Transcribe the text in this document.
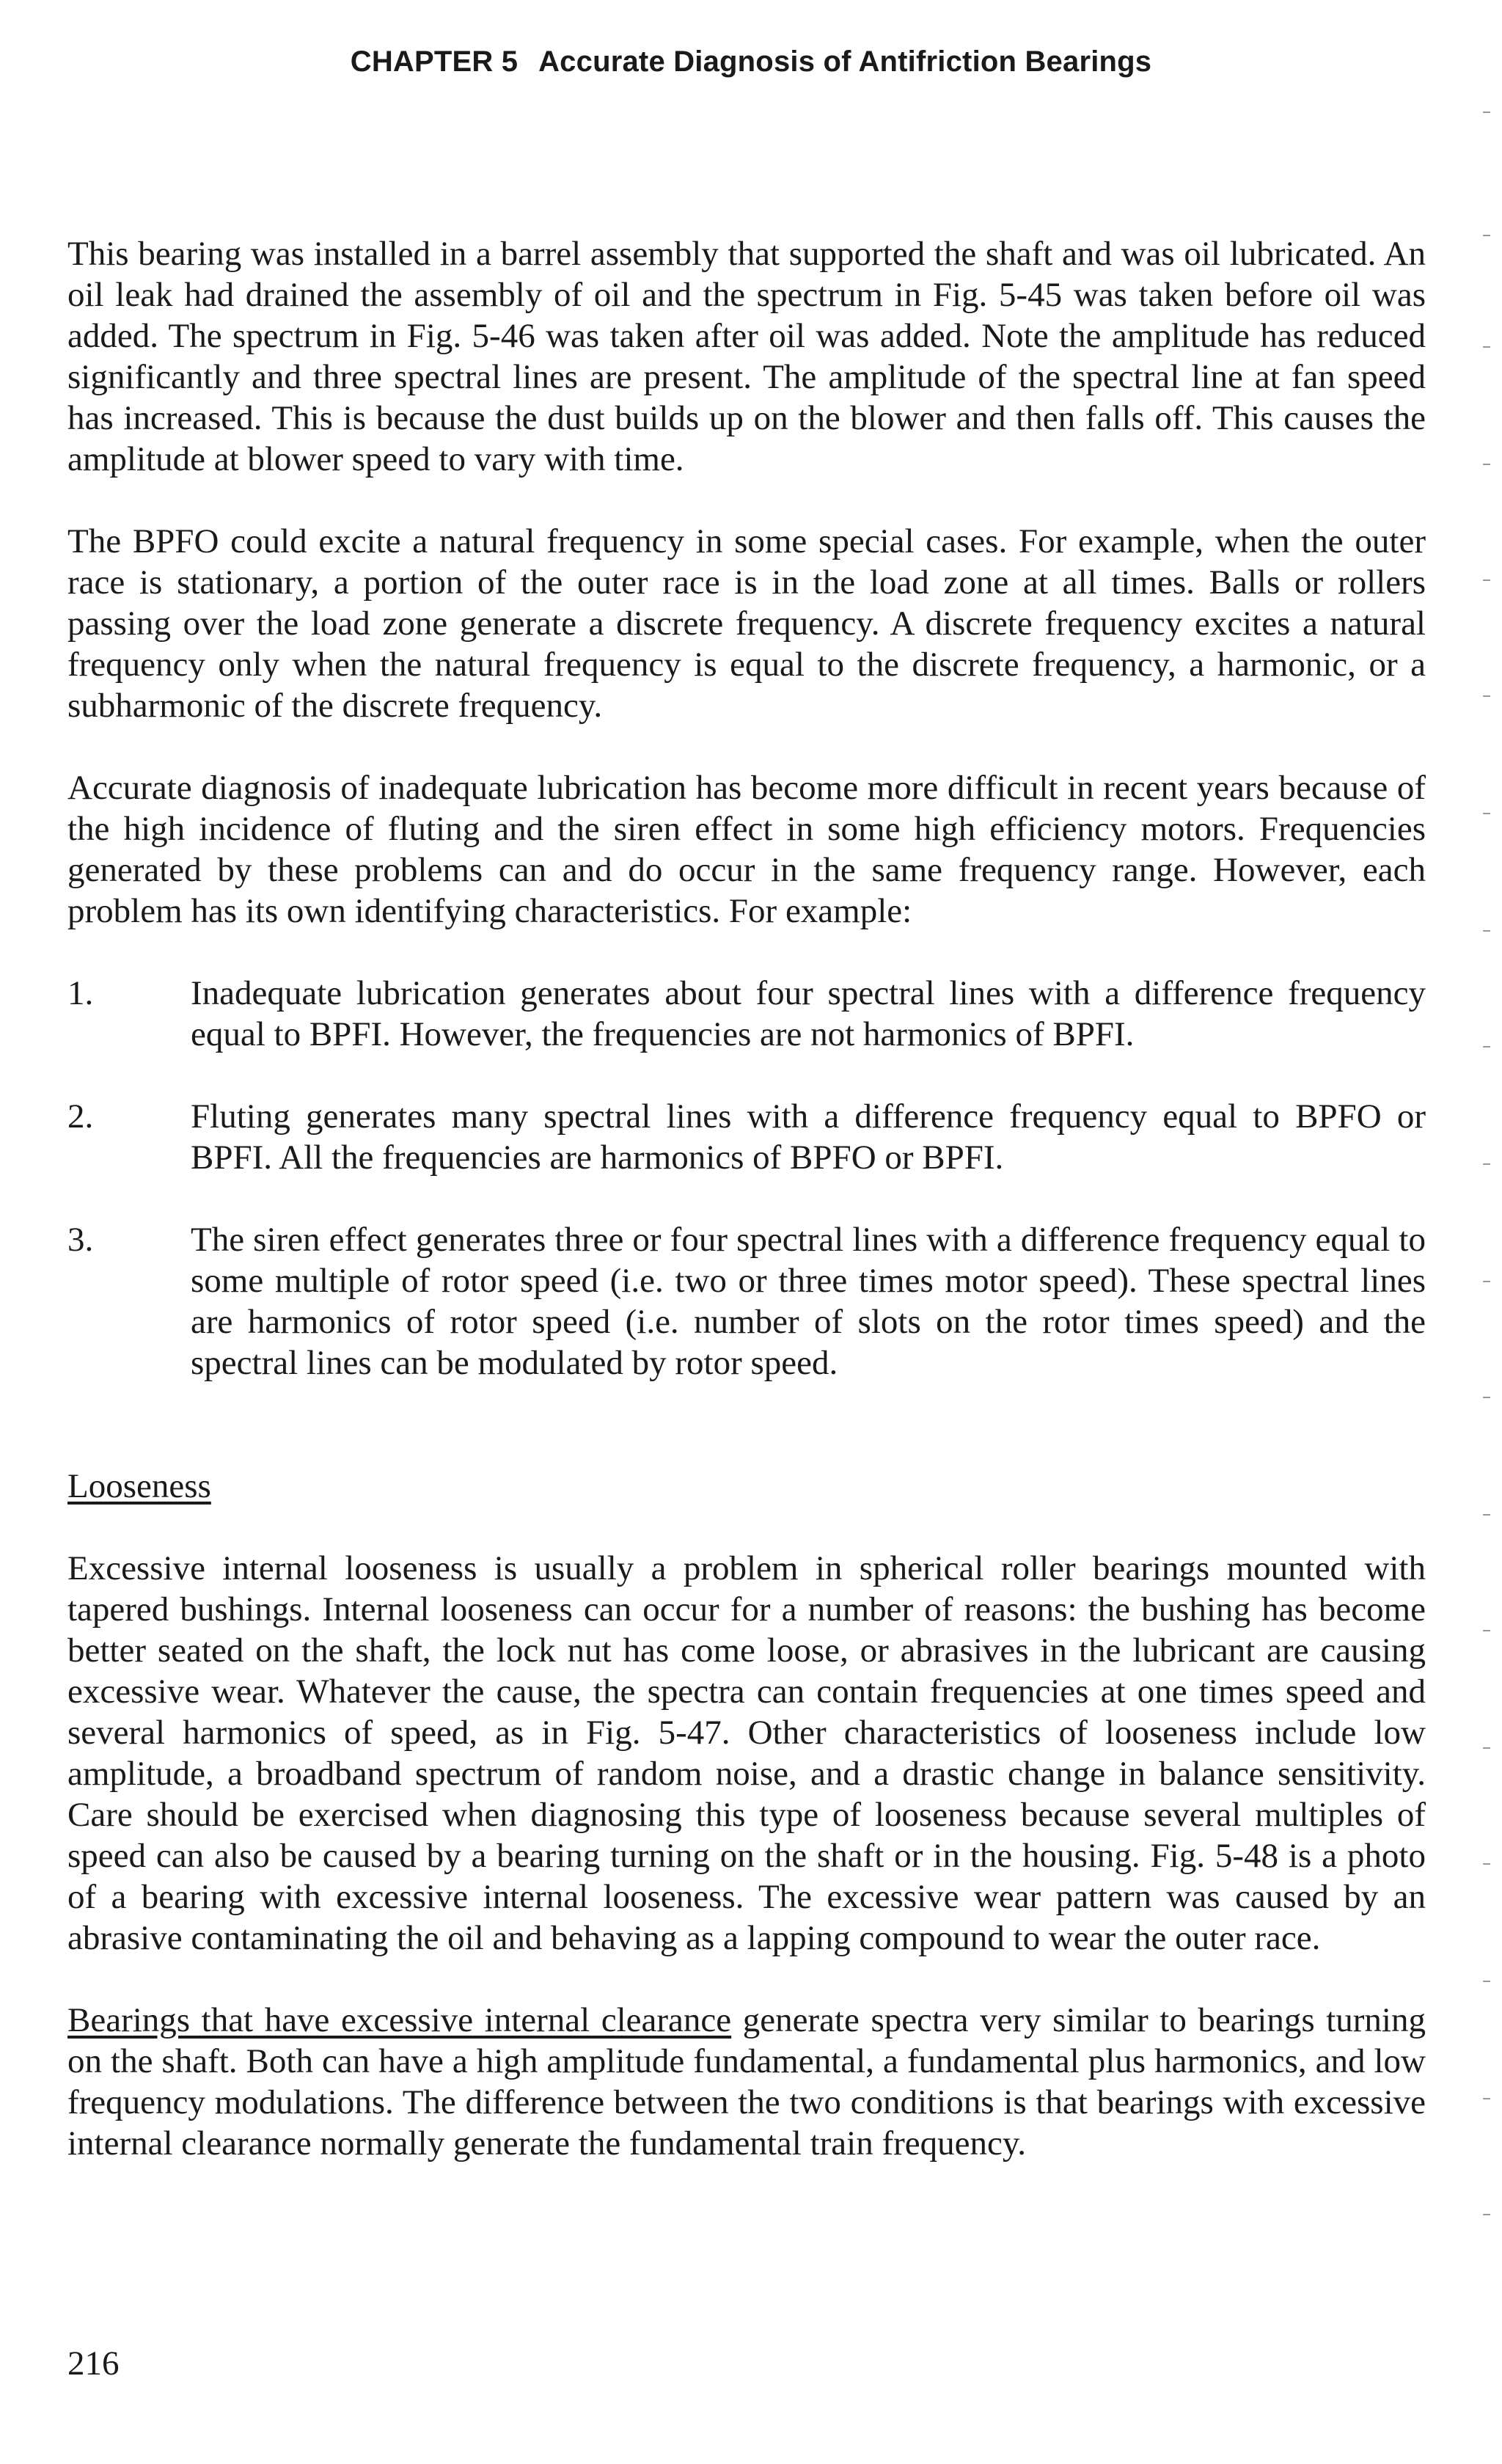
CHAPTER 5 Accurate Diagnosis of Antifriction Bearings

This bearing was installed in a barrel assembly that supported the shaft and was oil lubricated. An oil leak had drained the assembly of oil and the spectrum in Fig. 5-45 was taken before oil was added. The spectrum in Fig. 5-46 was taken after oil was added. Note the amplitude has reduced significantly and three spectral lines are present. The amplitude of the spectral line at fan speed has increased. This is because the dust builds up on the blower and then falls off. This causes the amplitude at blower speed to vary with time.

The BPFO could excite a natural frequency in some special cases. For example, when the outer race is stationary, a portion of the outer race is in the load zone at all times. Balls or rollers passing over the load zone generate a discrete frequency. A discrete frequency excites a natural frequency only when the natural frequency is equal to the discrete frequency, a harmonic, or a subharmonic of the discrete frequency.

Accurate diagnosis of inadequate lubrication has become more difficult in recent years because of the high incidence of fluting and the siren effect in some high efficiency motors. Frequencies generated by these problems can and do occur in the same frequency range. However, each problem has its own identifying characteristics. For example:

1.	Inadequate lubrication generates about four spectral lines with a difference frequency equal to BPFI. However, the frequencies are not harmonics of BPFI.
2.	Fluting generates many spectral lines with a difference frequency equal to BPFO or BPFI. All the frequencies are harmonics of BPFO or BPFI.
3.	The siren effect generates three or four spectral lines with a difference frequency equal to some multiple of rotor speed (i.e. two or three times motor speed). These spectral lines are harmonics of rotor speed (i.e. number of slots on the rotor times speed) and the spectral lines can be modulated by rotor speed.
Looseness

Excessive internal looseness is usually a problem in spherical roller bearings mounted with tapered bushings. Internal looseness can occur for a number of reasons: the bushing has become better seated on the shaft, the lock nut has come loose, or abrasives in the lubricant are causing excessive wear. Whatever the cause, the spectra can contain frequencies at one times speed and several harmonics of speed, as in Fig. 5-47. Other characteristics of looseness include low amplitude, a broadband spectrum of random noise, and a drastic change in balance sensitivity. Care should be exercised when diagnosing this type of looseness because several multiples of speed can also be caused by a bearing turning on the shaft or in the housing. Fig. 5-48 is a photo of a bearing with excessive internal looseness. The excessive wear pattern was caused by an abrasive contaminating the oil and behaving as a lapping compound to wear the outer race.

Bearings that have excessive internal clearance generate spectra very similar to bearings turning on the shaft. Both can have a high amplitude fundamental, a fundamental plus harmonics, and low frequency modulations. The difference between the two conditions is that bearings with excessive internal clearance normally generate the fundamental train frequency.

216
